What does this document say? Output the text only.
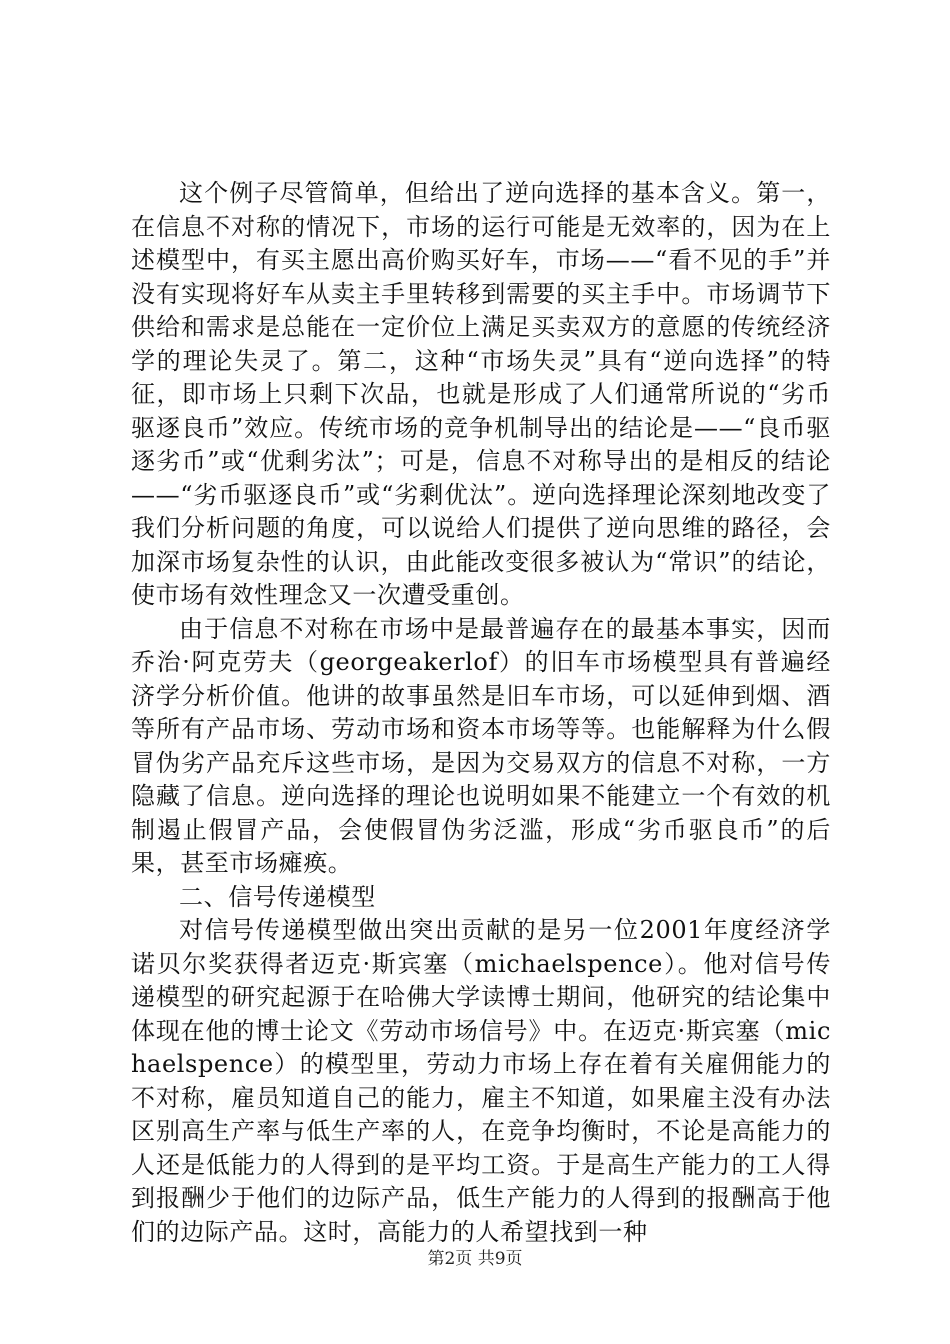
这个例子尽管简单，但给出了逆向选择的基本含义。第一，在信息不对称的情况下，市场的运行可能是无效率的，因为在上述模型中，有买主愿出高价购买好车，市场——“看不见的手”并没有实现将好车从卖主手里转移到需要的买主手中。市场调节下供给和需求是总能在一定价位上满足买卖双方的意愿的传统经济学的理论失灵了。第二，这种“市场失灵”具有“逆向选择”的特征，即市场上只剩下次品，也就是形成了人们通常所说的“劣币驱逐良币”效应。传统市场的竞争机制导出的结论是——“良币驱逐劣币”或“优剩劣汰”；可是，信息不对称导出的是相反的结论——“劣币驱逐良币”或“劣剩优汰”。逆向选择理论深刻地改变了我们分析问题的角度，可以说给人们提供了逆向思维的路径，会加深市场复杂性的认识，由此能改变很多被认为“常识”的结论，使市场有效性理念又一次遭受重创。

由于信息不对称在市场中是最普遍存在的最基本事实，因而乔治·阿克劳夫（georgeakerlof）的旧车市场模型具有普遍经济学分析价值。他讲的故事虽然是旧车市场，可以延伸到烟、酒等所有产品市场、劳动市场和资本市场等等。也能解释为什么假冒伪劣产品充斥这些市场，是因为交易双方的信息不对称，一方隐藏了信息。逆向选择的理论也说明如果不能建立一个有效的机制遏止假冒产品，会使假冒伪劣泛滥，形成“劣币驱良币”的后果，甚至市场瘫痪。

二、信号传递模型

对信号传递模型做出突出贡献的是另一位2001年度经济学诺贝尔奖获得者迈克·斯宾塞（michaelspence）。他对信号传递模型的研究起源于在哈佛大学读博士期间，他研究的结论集中体现在他的博士论文《劳动市场信号》中。在迈克·斯宾塞（michaelspence）的模型里，劳动力市场上存在着有关雇佣能力的不对称，雇员知道自己的能力，雇主不知道，如果雇主没有办法区别高生产率与低生产率的人，在竞争均衡时，不论是高能力的人还是低能力的人得到的是平均工资。于是高生产能力的工人得到报酬少于他们的边际产品，低生产能力的人得到的报酬高于他们的边际产品。这时，高能力的人希望找到一种

第2页 共9页
